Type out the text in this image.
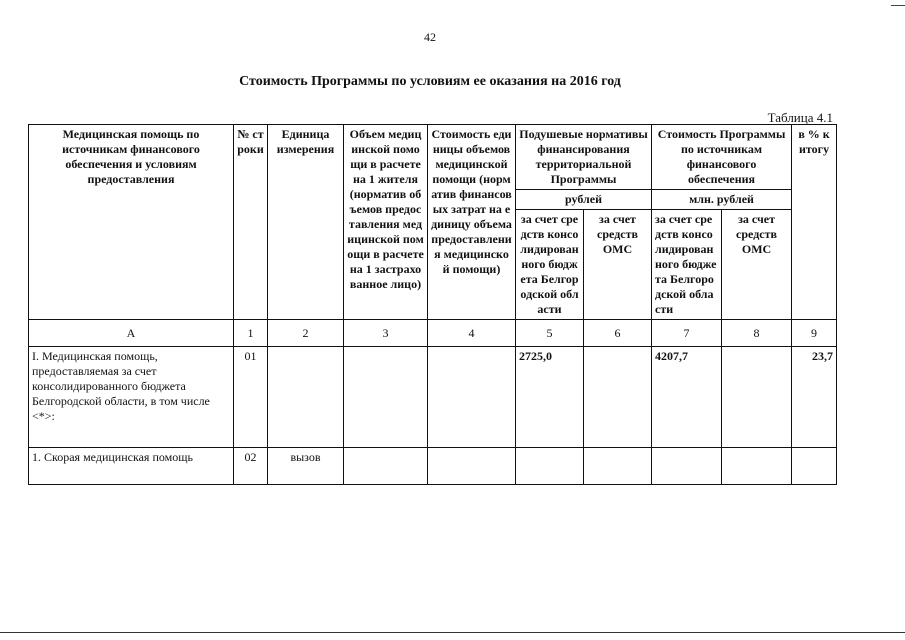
42
Стоимость Программы по условиям ее оказания на 2016 год
Таблица 4.1
Медицинская помощь по источникам финансового обеспечения и условиям предоставления	№ строки	Единица измерения	Объем медицинской помощи в расчете на 1 жителя (норматив объемов предоставления медицинской помощи в расчете на 1 застрахованное лицо)	Стоимость единицы объемов медицинской помощи (норматив финансовых затрат на единицу объема предоставления медицинской помощи)	Подушевые нормативы финансирования территориальной Программы		Стоимость Программы по источникам финансового обеспечения		в % к итогу
					рублей		млн. рублей		
					за счет средств консолидированного бюджета Белгородской области	за счет средств ОМС	за счет средств консолидированного бюджета Белгородской области	за счет средств ОМС	
А	1	2	3	4	5	6	7	8	9
I. Медицинская помощь, предоставляемая за счет консолидированного бюджета Белгородской области, в том числе <*>:	01				2725,0		4207,7		23,7
1. Скорая медицинская помощь	02	вызов							
